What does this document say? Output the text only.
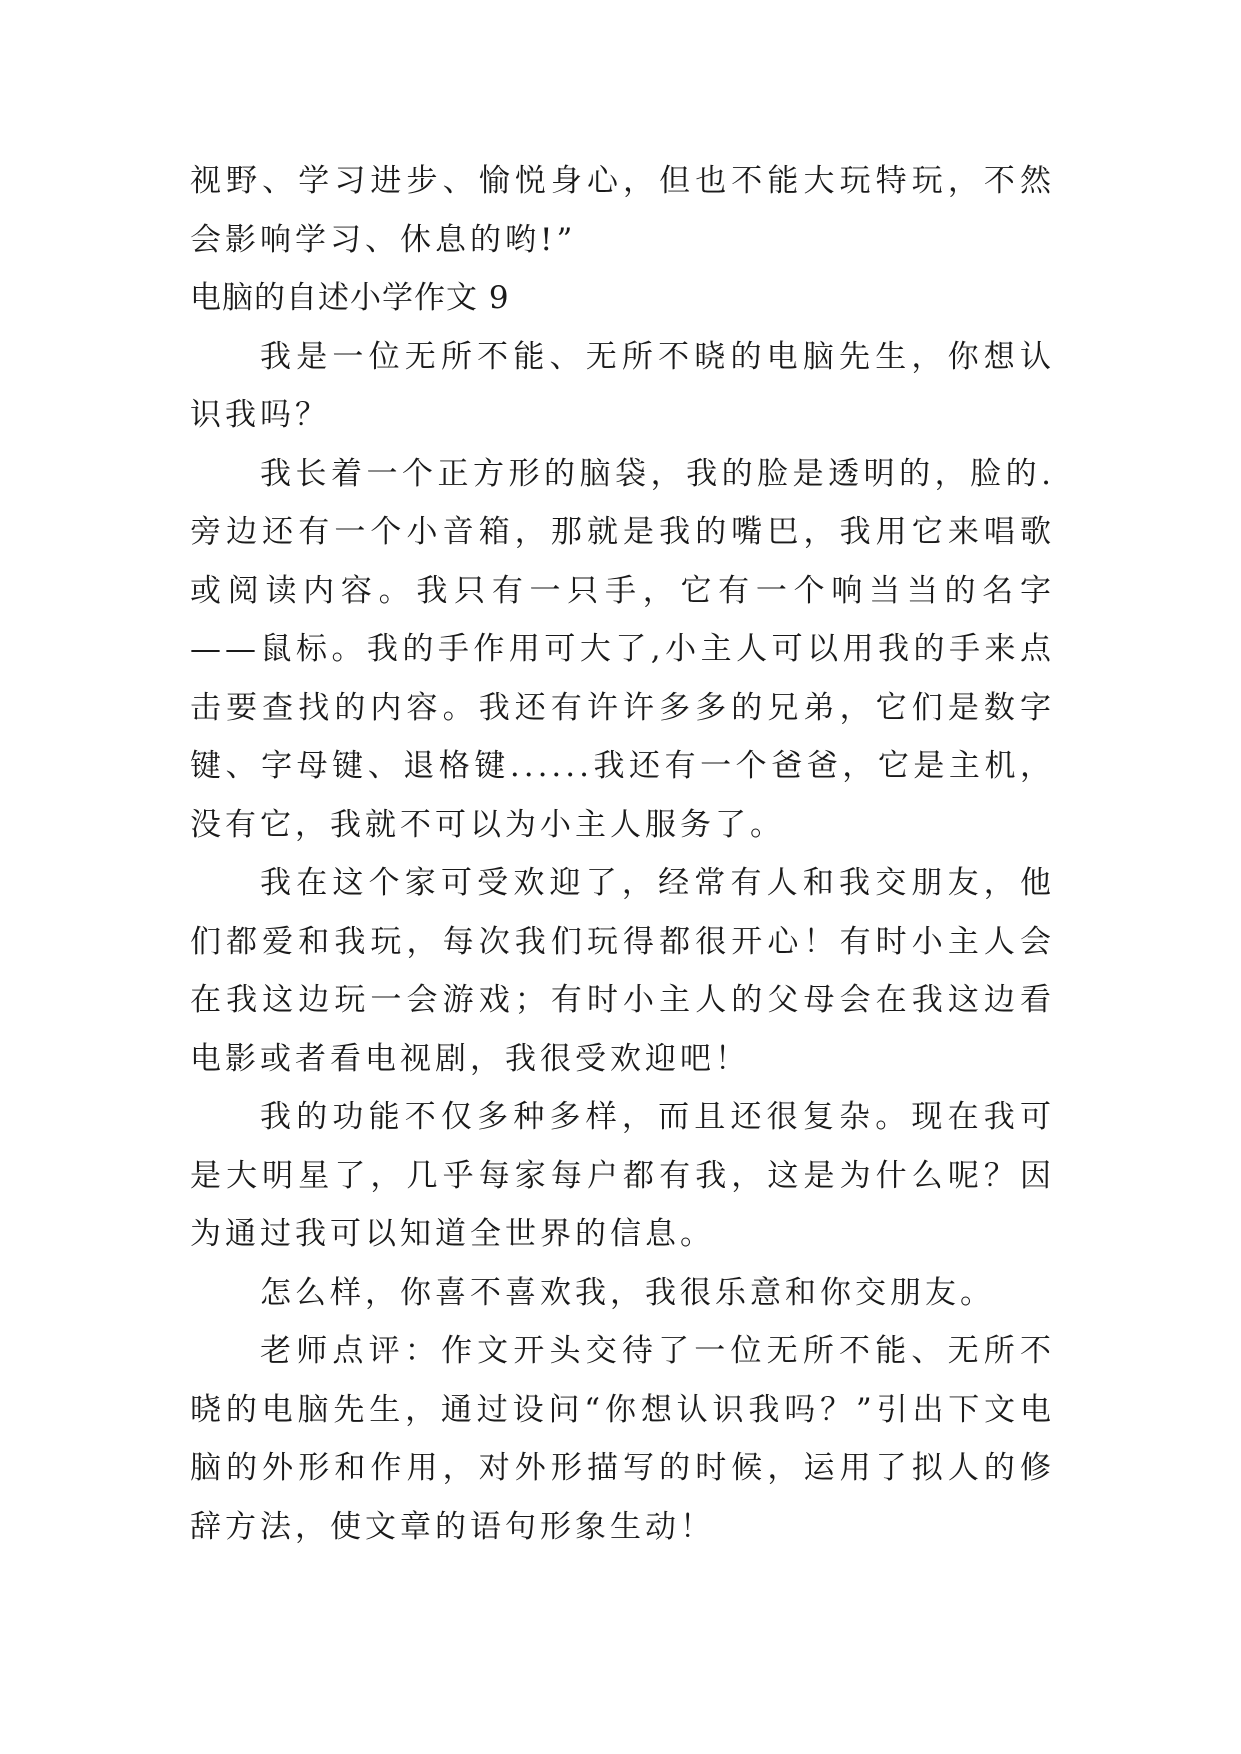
视野、学习进步、愉悦身心，但也不能大玩特玩，不然会影响学习、休息的哟!”

电脑的自述小学作文 9

我是一位无所不能、无所不晓的电脑先生，你想认识我吗？

我长着一个正方形的脑袋，我的脸是透明的，脸的.旁边还有一个小音箱，那就是我的嘴巴，我用它来唱歌或阅读内容。我只有一只手，它有一个响当当的名字——鼠标。我的手作用可大了,小主人可以用我的手来点击要查找的内容。我还有许许多多的兄弟，它们是数字键、字母键、退格键......我还有一个爸爸，它是主机，没有它，我就不可以为小主人服务了。

我在这个家可受欢迎了，经常有人和我交朋友，他们都爱和我玩，每次我们玩得都很开心！有时小主人会在我这边玩一会游戏；有时小主人的父母会在我这边看电影或者看电视剧，我很受欢迎吧！

我的功能不仅多种多样，而且还很复杂。现在我可是大明星了，几乎每家每户都有我，这是为什么呢？因为通过我可以知道全世界的信息。

怎么样，你喜不喜欢我，我很乐意和你交朋友。

老师点评：作文开头交待了一位无所不能、无所不晓的电脑先生，通过设问“你想认识我吗？”引出下文电脑的外形和作用，对外形描写的时候，运用了拟人的修辞方法，使文章的语句形象生动！
